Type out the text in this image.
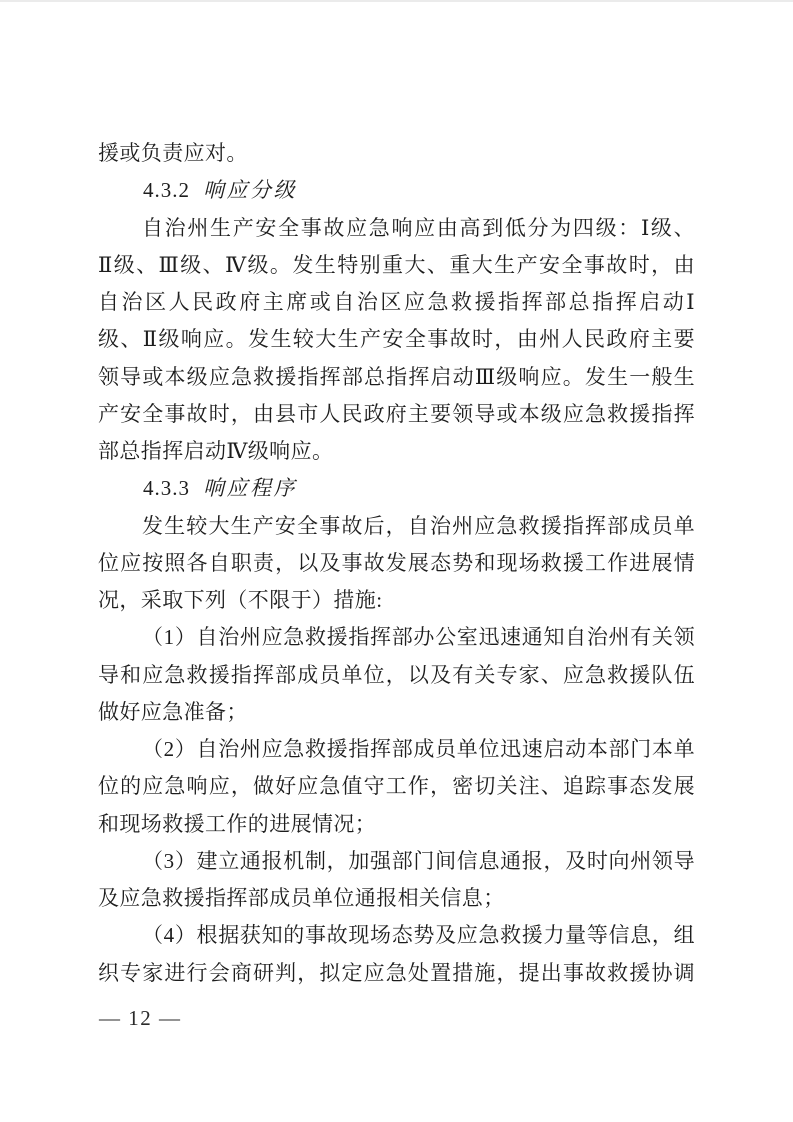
援或负责应对。
4.3.2 响应分级
自治州生产安全事故应急响应由高到低分为四级：Ⅰ级、
Ⅱ级、Ⅲ级、Ⅳ级。发生特别重大、重大生产安全事故时，由
自治区人民政府主席或自治区应急救援指挥部总指挥启动Ⅰ
级、Ⅱ级响应。发生较大生产安全事故时，由州人民政府主要
领导或本级应急救援指挥部总指挥启动Ⅲ级响应。发生一般生
产安全事故时，由县市人民政府主要领导或本级应急救援指挥
部总指挥启动Ⅳ级响应。
4.3.3 响应程序
发生较大生产安全事故后，自治州应急救援指挥部成员单
位应按照各自职责，以及事故发展态势和现场救援工作进展情
况，采取下列（不限于）措施:
（1）自治州应急救援指挥部办公室迅速通知自治州有关领
导和应急救援指挥部成员单位，以及有关专家、应急救援队伍
做好应急准备；
（2）自治州应急救援指挥部成员单位迅速启动本部门本单
位的应急响应，做好应急值守工作，密切关注、追踪事态发展
和现场救援工作的进展情况；
（3）建立通报机制，加强部门间信息通报，及时向州领导
及应急救援指挥部成员单位通报相关信息；
（4）根据获知的事故现场态势及应急救援力量等信息，组
织专家进行会商研判，拟定应急处置措施，提出事故救援协调
— 12 —
